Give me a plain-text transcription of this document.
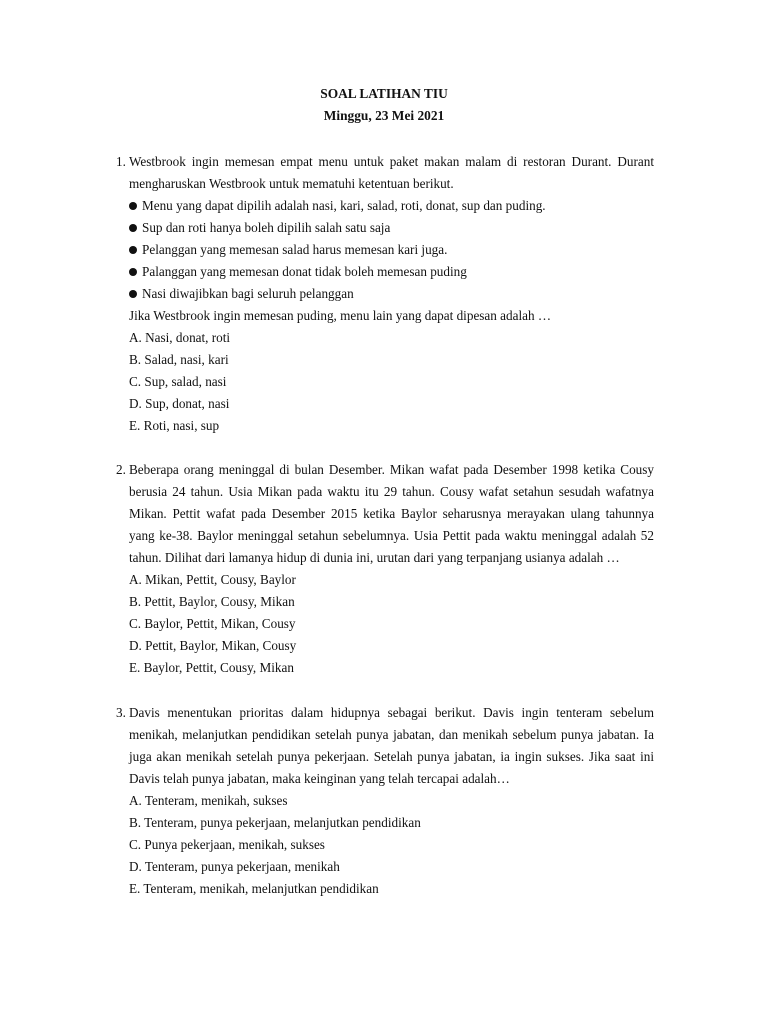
SOAL LATIHAN TIU
Minggu, 23 Mei 2021
1. Westbrook ingin memesan empat menu untuk paket makan malam di restoran Durant. Durant mengharuskan Westbrook untuk mematuhi ketentuan berikut.
Menu yang dapat dipilih adalah nasi, kari, salad, roti, donat, sup dan puding.
Sup dan roti hanya boleh dipilih salah satu saja
Pelanggan yang memesan salad harus memesan kari juga.
Palanggan yang memesan donat tidak boleh memesan puding
Nasi diwajibkan bagi seluruh pelanggan
Jika Westbrook ingin memesan puding, menu lain yang dapat dipesan adalah …
A. Nasi, donat, roti
B. Salad, nasi, kari
C. Sup, salad, nasi
D. Sup, donat, nasi
E. Roti, nasi, sup
2. Beberapa orang meninggal di bulan Desember. Mikan wafat pada Desember 1998 ketika Cousy berusia 24 tahun. Usia Mikan pada waktu itu 29 tahun. Cousy wafat setahun sesudah wafatnya Mikan. Pettit wafat pada Desember 2015 ketika Baylor seharusnya merayakan ulang tahunnya yang ke-38. Baylor meninggal setahun sebelumnya. Usia Pettit pada waktu meninggal adalah 52 tahun. Dilihat dari lamanya hidup di dunia ini, urutan dari yang terpanjang usianya adalah …
A. Mikan, Pettit, Cousy, Baylor
B. Pettit, Baylor, Cousy, Mikan
C. Baylor, Pettit, Mikan, Cousy
D. Pettit, Baylor, Mikan, Cousy
E. Baylor, Pettit, Cousy, Mikan
3. Davis menentukan prioritas dalam hidupnya sebagai berikut. Davis ingin tenteram sebelum menikah, melanjutkan pendidikan setelah punya jabatan, dan menikah sebelum punya jabatan. Ia juga akan menikah setelah punya pekerjaan. Setelah punya jabatan, ia ingin sukses. Jika saat ini Davis telah punya jabatan, maka keinginan yang telah tercapai adalah…
A. Tenteram, menikah, sukses
B. Tenteram, punya pekerjaan, melanjutkan pendidikan
C. Punya pekerjaan, menikah, sukses
D. Tenteram, punya pekerjaan, menikah
E. Tenteram, menikah, melanjutkan pendidikan
